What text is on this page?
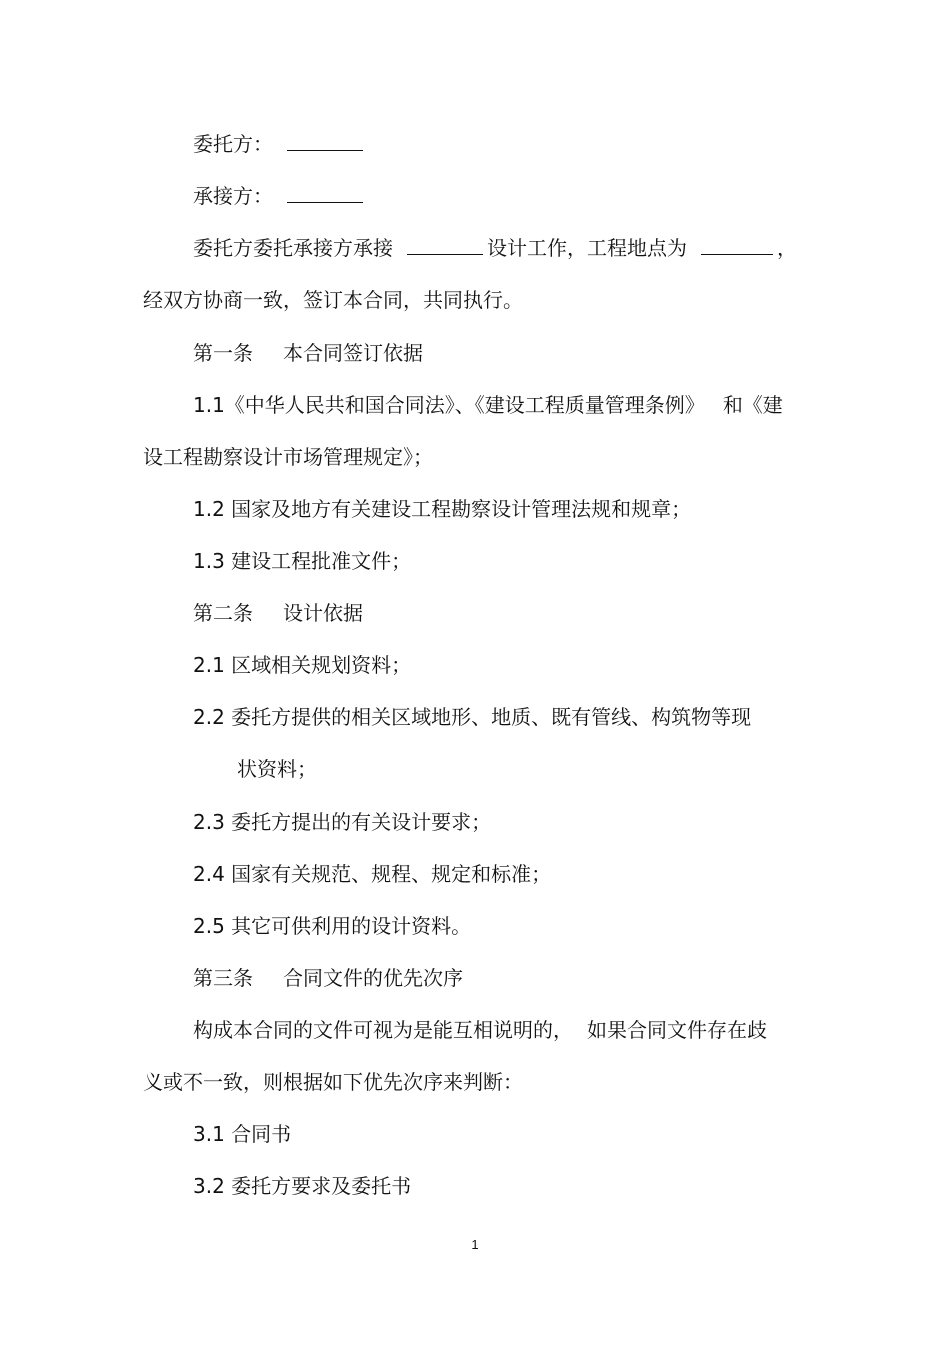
委托方：
承接方：
委托方委托承接方承接	设计工作，工程地点为	，
经双方协商一致，签订本合同，共同执行。
第一条 本合同签订依据
1.1《中华人民共和国合同法》、《建设工程质量管理条例》 和《建
设工程勘察设计市场管理规定》；
1.2 国家及地方有关建设工程勘察设计管理法规和规章；
1.3 建设工程批准文件；
第二条 设计依据
2.1 区域相关规划资料；
2.2 委托方提供的相关区域地形、地质、既有管线、构筑物等现
状资料；
2.3 委托方提出的有关设计要求；
2.4 国家有关规范、规程、规定和标准；
2.5 其它可供利用的设计资料。
第三条 合同文件的优先次序
构成本合同的文件可视为是能互相说明的， 如果合同文件存在歧
义或不一致，则根据如下优先次序来判断：
3.1 合同书
3.2 委托方要求及委托书
1
